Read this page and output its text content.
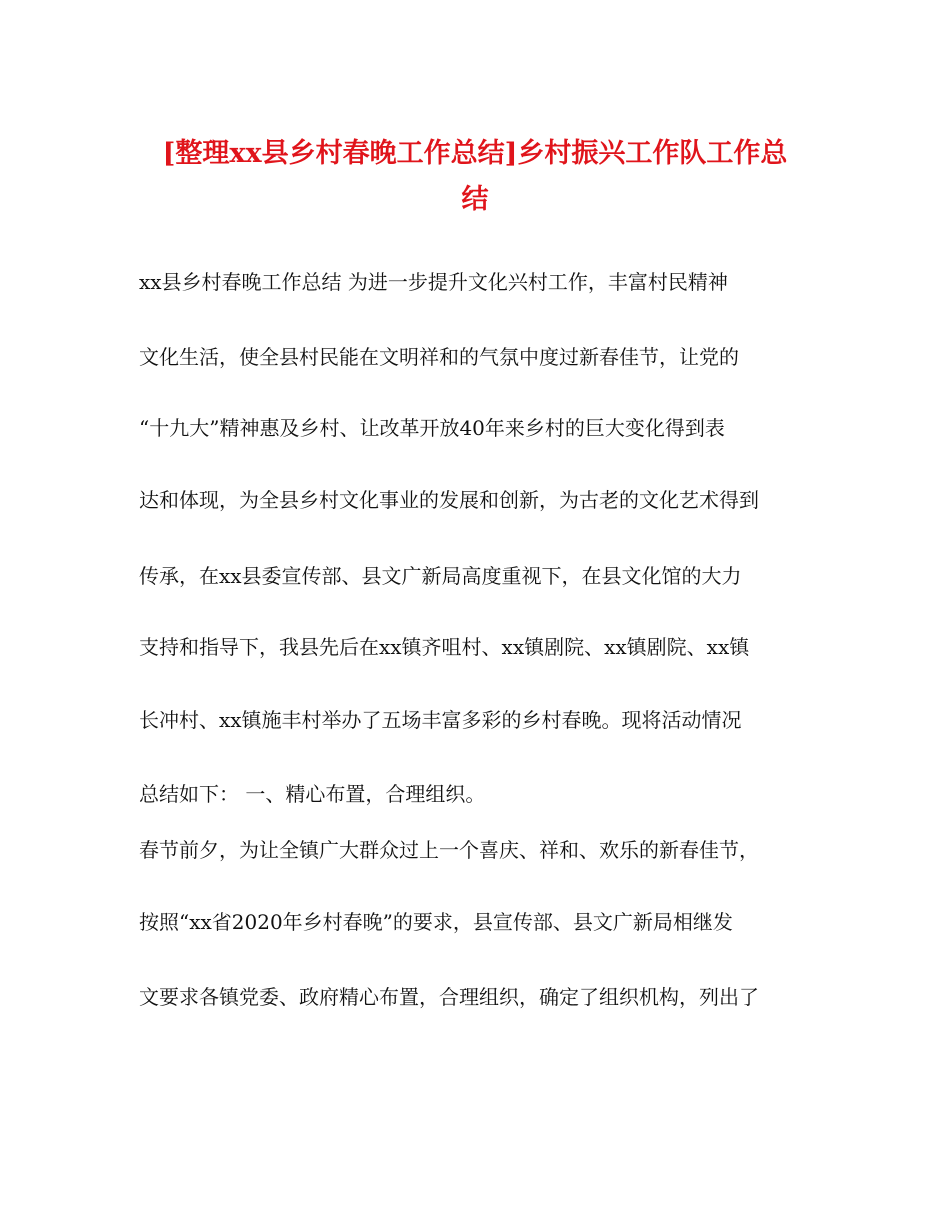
[整理xx县乡村春晚工作总结]乡村振兴工作队工作总
结

xx县乡村春晚工作总结 为进一步提升文化兴村工作，丰富村民精神

文化生活，使全县村民能在文明祥和的气氛中度过新春佳节，让党的

“十九大”精神惠及乡村、让改革开放40年来乡村的巨大变化得到表

达和体现，为全县乡村文化事业的发展和创新，为古老的文化艺术得到

传承，在xx县委宣传部、县文广新局高度重视下，在县文化馆的大力

支持和指导下，我县先后在xx镇齐咀村、xx镇剧院、xx镇剧院、xx镇

长冲村、xx镇施丰村举办了五场丰富多彩的乡村春晚。现将活动情况

总结如下： 一、精心布置，合理组织。

春节前夕，为让全镇广大群众过上一个喜庆、祥和、欢乐的新春佳节，

按照“xx省2020年乡村春晚”的要求，县宣传部、县文广新局相继发

文要求各镇党委、政府精心布置，合理组织，确定了组织机构，列出了
